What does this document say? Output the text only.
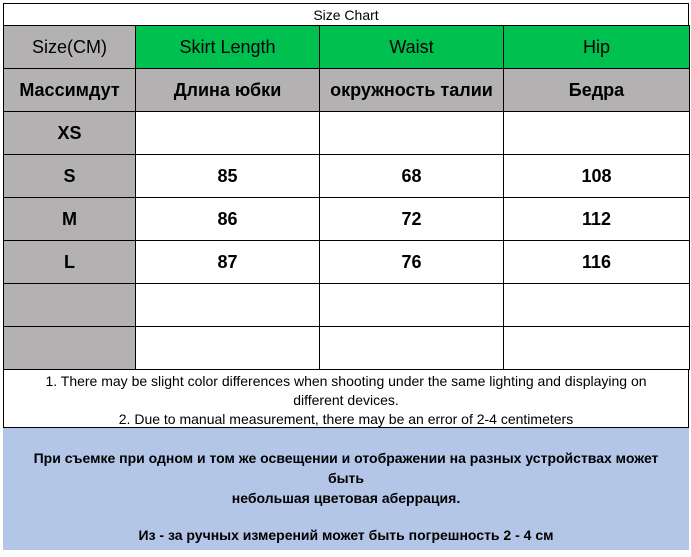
Size Chart
Size(CM)	Skirt Length	Waist	Hip
Массимдут	Длина юбки	окружность талии	Бедра
XS			
S	85	68	108
M	86	72	112
L	87	76	116

1. There may be slight color differences when shooting under the same lighting and displaying on
different devices.
2. Due to manual measurement, there may be an error of 2-4 centimeters

При съемке при одном и том же освещении и отображении на разных устройствах может быть

небольшая цветовая аберрация.

Из - за ручных измерений может быть погрешность 2 - 4 см
